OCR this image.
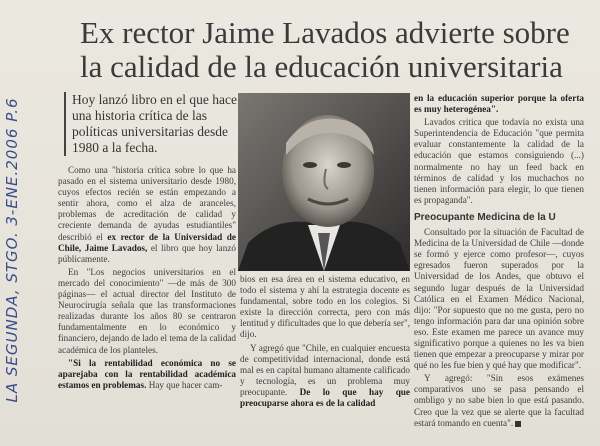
LA SEGUNDA, STGO. 3-ENE.2006 P.6
Ex rector Jaime Lavados advierte sobre
la calidad de la educación universitaria
Hoy lanzó libro en el que hace una historia crítica de las políticas universitarias desde 1980 a la fecha.

Como una "historia crítica sobre lo que ha pasado en el sistema universitario desde 1980, cuyos efectos recién se están empezando a sentir ahora, como el alza de aranceles, problemas de acreditación de calidad y creciente demanda de ayudas estudiantiles" describió el ex rector de la Universidad de Chile, Jaime Lavados, el libro que hoy lanzó públicamente.

En "Los negocios universitarios en el mercado del conocimiento" —de más de 300 páginas— el actual director del Instituto de Neurocirugía señala que las transformaciones realizadas durante los años 80 se centraron fundamentalmente en lo económico y financiero, dejando de lado el tema de la calidad académica de los planteles.

"Si la rentabilidad económica no se aparejaba con la rentabilidad académica estamos en problemas. Hay que hacer cam-

bios en esa área en el sistema educativo, en todo el sistema y ahí la estrategia docente es fundamental, sobre todo en los colegios. Si existe la dirección correcta, pero con más lentitud y dificultades que lo que debería ser", dijo.

Y agregó que "Chile, en cualquier encuesta de competitividad internacional, donde está mal es en capital humano altamente calificado y tecnología, es un problema muy preocupante. De lo que hay que preocuparse ahora es de la calidad

en la educación superior porque la oferta es muy heterogénea".

Lavados critica que todavía no exista una Superintendencia de Educación "que permita evaluar constantemente la calidad de la educación que estamos consiguiendo (...) normalmente no hay un feed back en términos de calidad y los muchachos no tienen información para elegir, lo que tienen es propaganda".

Preocupante Medicina de la U

Consultado por la situación de Facultad de Medicina de la Universidad de Chile —donde se formó y ejerce como profesor—, cuyos egresados fueron superados por la Universidad de los Andes, que obtuvo el segundo lugar después de la Universidad Católica en el Examen Médico Nacional, dijo: "Por supuesto que no me gusta, pero no tengo información para dar una opinión sobre eso. Este examen me parece un avance muy significativo porque a quienes no les va bien tienen que empezar a preocuparse y mirar por qué no les fue bien y qué hay que modificar".

Y agregó: "Sin esos exámenes comparativos uno se pasa pensando el ombligo y no sabe bien lo que está pasando. Creo que la vez que se alerte que la facultad estará tomando en cuenta".
